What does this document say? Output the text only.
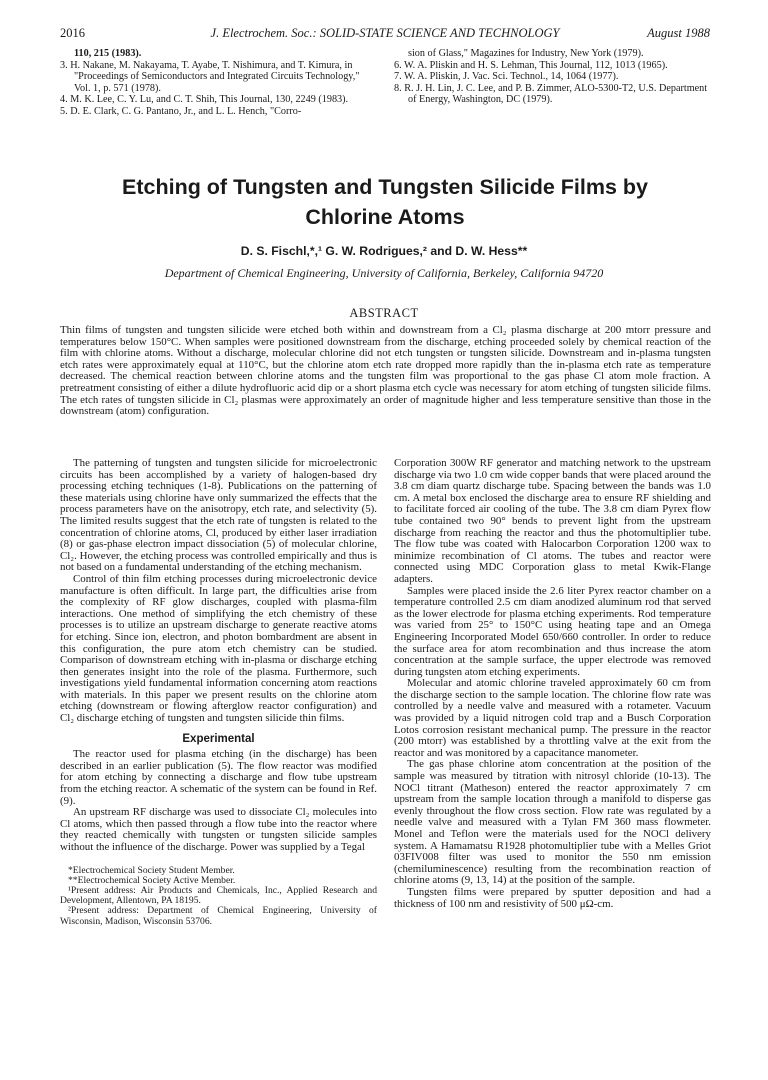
2016	J. Electrochem. Soc.: SOLID-STATE SCIENCE AND TECHNOLOGY	August 1988
110, 215 (1983).
3. H. Nakane, M. Nakayama, T. Ayabe, T. Nishimura, and T. Kimura, in "Proceedings of Semiconductors and Integrated Circuits Technology," Vol. 1, p. 571 (1978).
4. M. K. Lee, C. Y. Lu, and C. T. Shih, This Journal, 130, 2249 (1983).
5. D. E. Clark, C. G. Pantano, Jr., and L. L. Hench, "Corro-
sion of Glass," Magazines for Industry, New York (1979).
6. W. A. Pliskin and H. S. Lehman, This Journal, 112, 1013 (1965).
7. W. A. Pliskin, J. Vac. Sci. Technol., 14, 1064 (1977).
8. R. J. H. Lin, J. C. Lee, and P. B. Zimmer, ALO-5300-T2, U.S. Department of Energy, Washington, DC (1979).
Etching of Tungsten and Tungsten Silicide Films by Chlorine Atoms
D. S. Fischl,*,¹ G. W. Rodrigues,² and D. W. Hess**
Department of Chemical Engineering, University of California, Berkeley, California 94720
ABSTRACT
Thin films of tungsten and tungsten silicide were etched both within and downstream from a Cl₂ plasma discharge at 200 mtorr pressure and temperatures below 150°C. When samples were positioned downstream from the discharge, etching proceeded solely by chemical reaction of the film with chlorine atoms. Without a discharge, molecular chlorine did not etch tungsten or tungsten silicide. Downstream and in-plasma tungsten etch rates were approximately equal at 110°C, but the chlorine atom etch rate dropped more rapidly than the in-plasma etch rate as temperature decreased. The chemical reaction between chlorine atoms and the tungsten film was proportional to the gas phase Cl atom mole fraction. A pretreatment consisting of either a dilute hydrofluoric acid dip or a short plasma etch cycle was necessary for atom etching of tungsten silicide films. The etch rates of tungsten silicide in Cl₂ plasmas were approximately an order of magnitude higher and less temperature sensitive than those in the downstream (atom) configuration.

The patterning of tungsten and tungsten silicide for microelectronic circuits has been accomplished by a variety of halogen-based dry processing etching techniques (1-8). Publications on the patterning of these materials using chlorine have only summarized the effects that the process parameters have on the anisotropy, etch rate, and selectivity (5). The limited results suggest that the etch rate of tungsten is related to the concentration of chlorine atoms, Cl, produced by either laser irradiation (8) or gas-phase electron impact dissociation (5) of molecular chlorine, Cl₂. However, the etching process was controlled empirically and thus is not based on a fundamental understanding of the etching mechanism.

Control of thin film etching processes during microelectronic device manufacture is often difficult. In large part, the difficulties arise from the complexity of RF glow discharges, coupled with plasma-film interactions. One method of simplifying the etch chemistry of these processes is to utilize an upstream discharge to generate reactive atoms for etching. Since ion, electron, and photon bombardment are absent in this configuration, the pure atom etch chemistry can be studied. Comparison of downstream etching with in-plasma or discharge etching then generates insight into the role of the plasma. Furthermore, such investigations yield fundamental information concerning atom reactions with materials. In this paper we present results on the chlorine atom etching (downstream or flowing afterglow reactor configuration) and Cl₂ discharge etching of tungsten and tungsten silicide thin films.

Experimental

The reactor used for plasma etching (in the discharge) has been described in an earlier publication (5). The flow reactor was modified for atom etching by connecting a discharge and flow tube upstream from the etching reactor. A schematic of the system can be found in Ref. (9).

An upstream RF discharge was used to dissociate Cl₂ molecules into Cl atoms, which then passed through a flow tube into the reactor where they reacted chemically with tungsten or tungsten silicide samples without the influence of the discharge. Power was supplied by a Tegal

*Electrochemical Society Student Member.
**Electrochemical Society Active Member.
¹Present address: Air Products and Chemicals, Inc., Applied Research and Development, Allentown, PA 18195.
²Present address: Department of Chemical Engineering, University of Wisconsin, Madison, Wisconsin 53706.

Corporation 300W RF generator and matching network to the upstream discharge via two 1.0 cm wide copper bands that were placed around the 3.8 cm diam quartz discharge tube. Spacing between the bands was 1.0 cm. A metal box enclosed the discharge area to ensure RF shielding and to facilitate forced air cooling of the tube. The 3.8 cm diam Pyrex flow tube contained two 90° bends to prevent light from the upstream discharge from reaching the reactor and thus the photomultiplier tube. The flow tube was coated with Halocarbon Corporation 1200 wax to minimize recombination of Cl atoms. The tubes and reactor were connected using MDC Corporation glass to metal Kwik-Flange adapters.

Samples were placed inside the 2.6 liter Pyrex reactor chamber on a temperature controlled 2.5 cm diam anodized aluminum rod that served as the lower electrode for plasma etching experiments. Rod temperature was varied from 25° to 150°C using heating tape and an Omega Engineering Incorporated Model 650/660 controller. In order to reduce the surface area for atom recombination and thus increase the atom concentration at the sample surface, the upper electrode was removed during tungsten atom etching experiments.

Molecular and atomic chlorine traveled approximately 60 cm from the discharge section to the sample location. The chlorine flow rate was controlled by a needle valve and measured with a rotameter. Vacuum was provided by a liquid nitrogen cold trap and a Busch Corporation Lotos corrosion resistant mechanical pump. The pressure in the reactor (200 mtorr) was established by a throttling valve at the exit from the reactor and was monitored by a capacitance manometer.

The gas phase chlorine atom concentration at the position of the sample was measured by titration with nitrosyl chloride (10-13). The NOCl titrant (Matheson) entered the reactor approximately 7 cm upstream from the sample location through a manifold to disperse gas evenly throughout the flow cross section. Flow rate was regulated by a needle valve and measured with a Tylan FM 360 mass flowmeter. Monel and Teflon were the materials used for the NOCl delivery system. A Hamamatsu R1928 photomultiplier tube with a Melles Griot 03FIV008 filter was used to monitor the 550 nm emission (chemiluminescence) resulting from the recombination reaction of chlorine atoms (9, 13, 14) at the position of the sample.

Tungsten films were prepared by sputter deposition and had a thickness of 100 nm and resistivity of 500 μΩ-cm.
